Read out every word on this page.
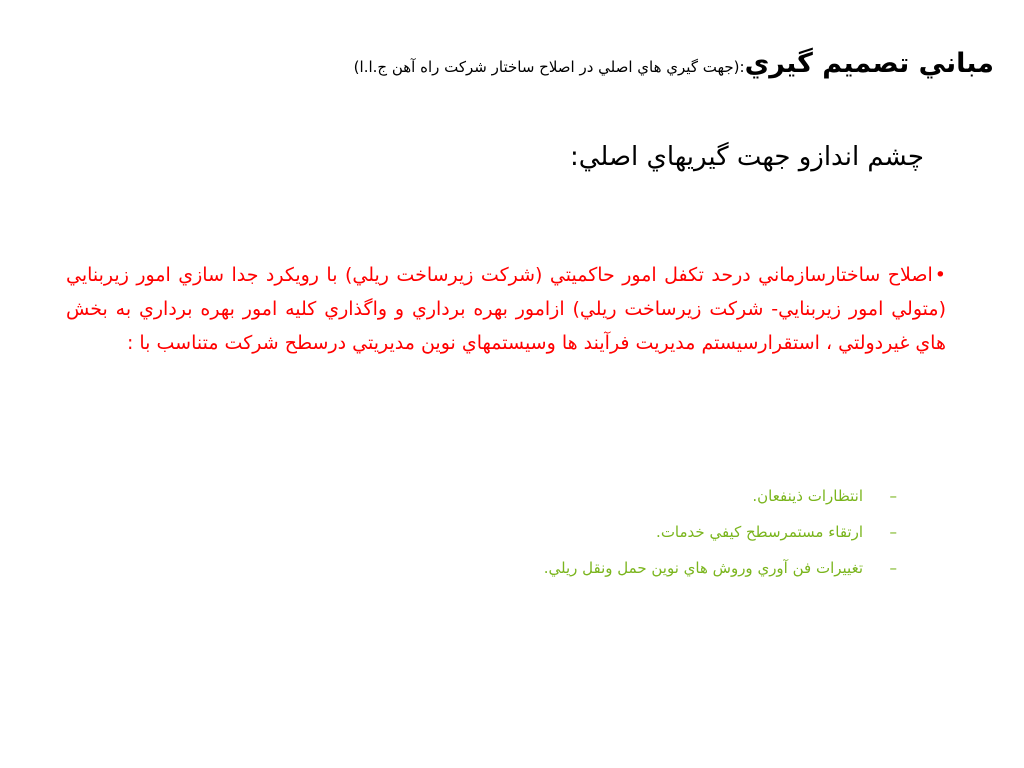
مباني تصميم گيري:(جهت گيري هاي اصلي در اصلاح ساختار شركت راه آهن ج.ا.ا)
چشم اندازو جهت گيريهاي اصلي:
•اصلاح ساختارسازماني درحد تكفل امور حاكميتي (شركت زيرساخت ريلي) با رويكرد جدا سازي امور زيربنايي (متولي امور زيربنايي- شركت زيرساخت ريلي) ازامور بهره برداري و واگذاري كليه امور بهره برداري به بخش هاي غيردولتي ، استقرارسيستم مديريت فرآيند ها وسيستمهاي نوين مديريتي درسطح شركت متناسب با :
–
انتظارات ذينفعان.
–
ارتقاء مستمرسطح كيفي خدمات.
–
تغييرات فن آوري وروش هاي نوين حمل ونقل ريلي.
